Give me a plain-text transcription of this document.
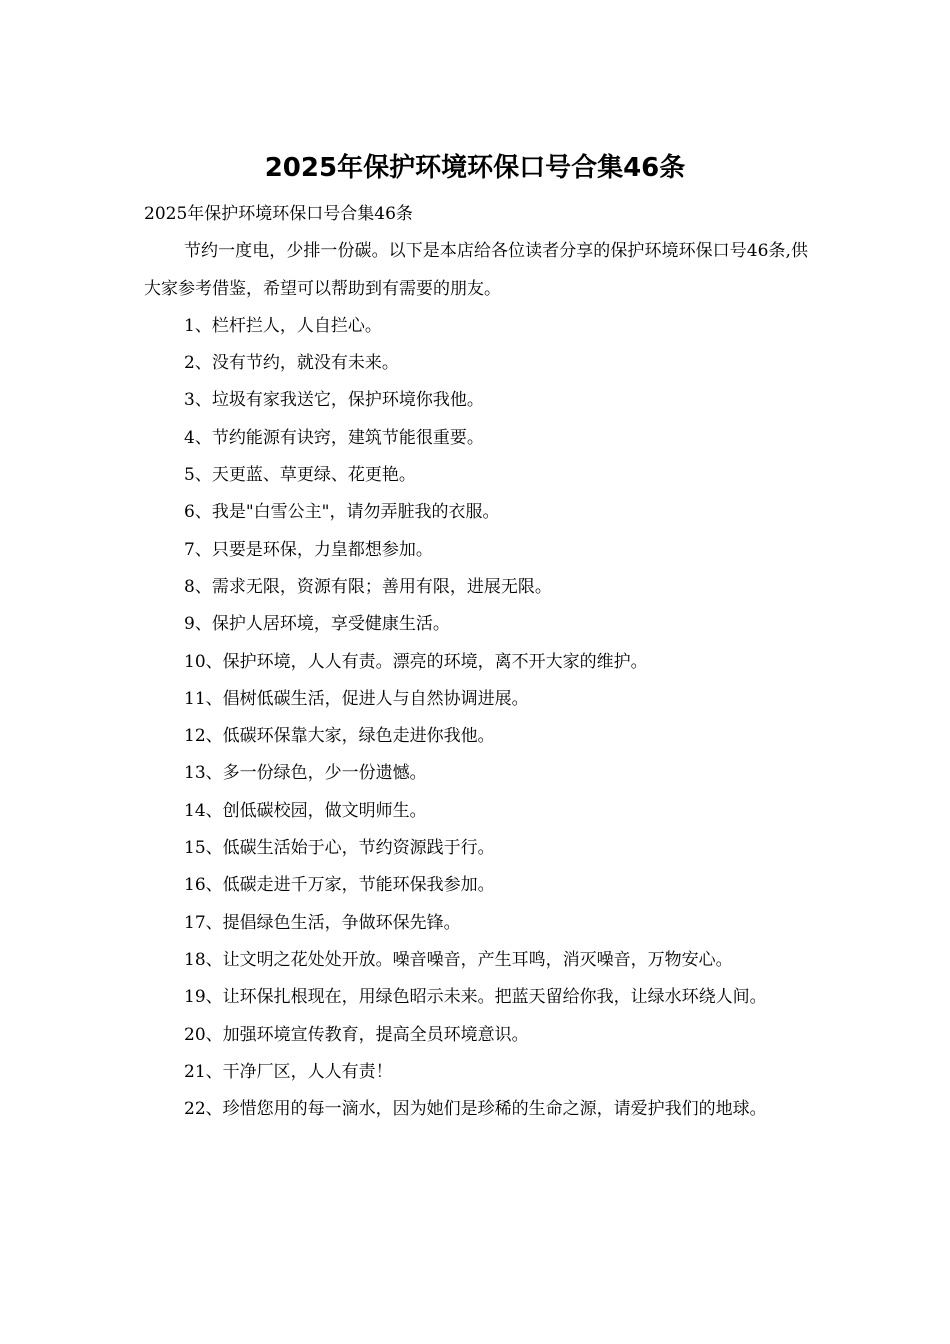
2025年保护环境环保口号合集46条

2025年保护环境环保口号合集46条

节约一度电，少排一份碳。以下是本店给各位读者分享的保护环境环保口号46条,供大家参考借鉴，希望可以帮助到有需要的朋友。

1、栏杆拦人，人自拦心。

2、没有节约，就没有未来。

3、垃圾有家我送它，保护环境你我他。

4、节约能源有诀窍，建筑节能很重要。

5、天更蓝、草更绿、花更艳。

6、我是"白雪公主"，请勿弄脏我的衣服。

7、只要是环保，力皇都想参加。

8、需求无限，资源有限；善用有限，进展无限。

9、保护人居环境，享受健康生活。

10、保护环境，人人有责。漂亮的环境，离不开大家的维护。

11、倡树低碳生活，促进人与自然协调进展。

12、低碳环保靠大家，绿色走进你我他。

13、多一份绿色，少一份遗憾。

14、创低碳校园，做文明师生。

15、低碳生活始于心，节约资源践于行。

16、低碳走进千万家，节能环保我参加。

17、提倡绿色生活，争做环保先锋。

18、让文明之花处处开放。噪音噪音，产生耳鸣，消灭噪音，万物安心。

19、让环保扎根现在，用绿色昭示未来。把蓝天留给你我，让绿水环绕人间。

20、加强环境宣传教育，提高全员环境意识。

21、干净厂区，人人有责！

22、珍惜您用的每一滴水，因为她们是珍稀的生命之源，请爱护我们的地球。
